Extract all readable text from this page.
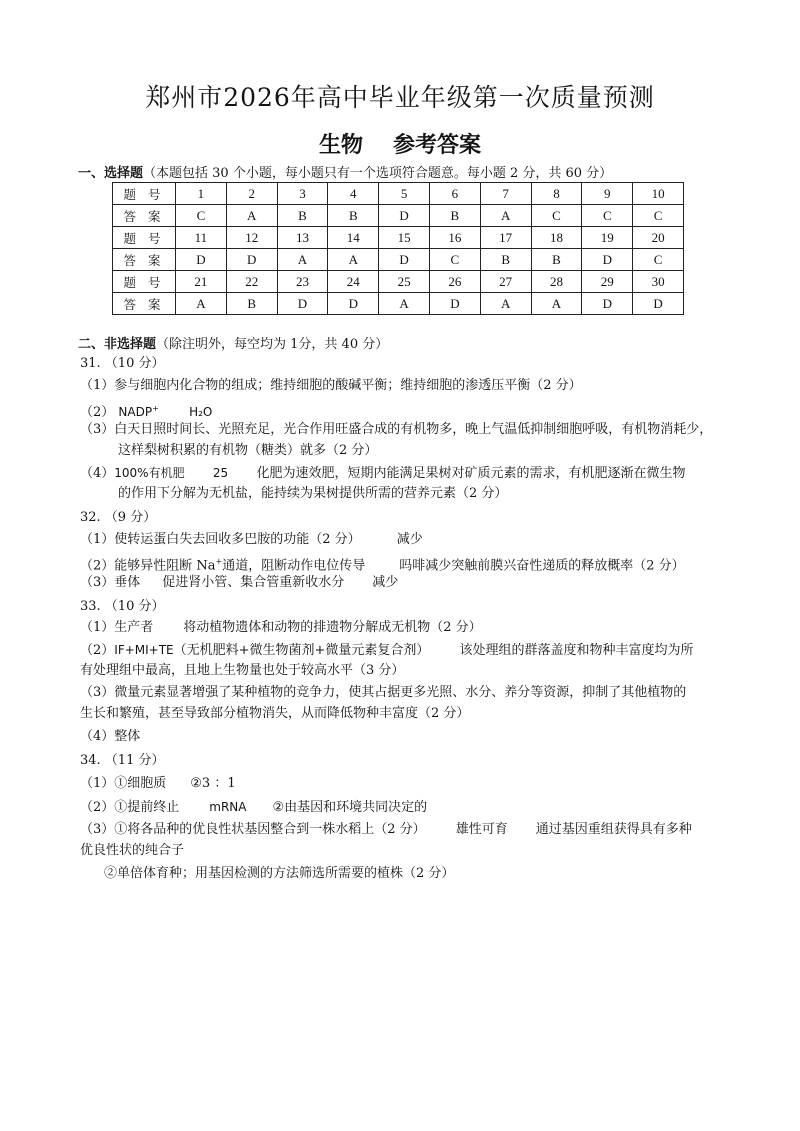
郑州市2026年高中毕业年级第一次质量预测
生物 参考答案
一、选择题（本题包括 30 个小题，每小题只有一个选项符合题意。每小题 2 分，共 60 分）
题 号	1	2	3	4	5	6	7	8	9	10
答 案	C	A	B	B	D	B	A	C	C	C
题 号	11	12	13	14	15	16	17	18	19	20
答 案	D	D	A	A	D	C	B	B	D	C
题 号	21	22	23	24	25	26	27	28	29	30
答 案	A	B	D	D	A	D	A	A	D	D
二、非选择题（除注明外，每空均为 1分，共 40 分）
31. （10 分）
（1）参与细胞内化合物的组成；维持细胞的酸碱平衡；维持细胞的渗透压平衡（2 分）
（2） NADP+	H₂O
（3）白天日照时间长、光照充足，光合作用旺盛合成的有机物多，晚上气温低抑制细胞呼吸，有机物消耗少，
这样梨树积累的有机物（糖类）就多（2 分）
（4）100%有机肥 25 化肥为速效肥，短期内能满足果树对矿质元素的需求，有机肥逐渐在微生物
的作用下分解为无机盐，能持续为果树提供所需的营养元素（2 分）
32. （9 分）
（1）使转运蛋白失去回收多巴胺的功能（2 分）	减少
（2）能够异性阻断 Na+通道，阻断动作电位传导	吗啡减少突触前膜兴奋性递质的释放概率（2 分）
（3）垂体 促进肾小管、集合管重新收水分 减少
33. （10 分）
（1）生产者 将动植物遗体和动物的排遗物分解成无机物（2 分）
（2）IF+MI+TE（无机肥料+微生物菌剂+微量元素复合剂） 该处理组的群落盖度和物种丰富度均为所
有处理组中最高，且地上生物量也处于较高水平（3 分）
（3）微量元素显著增强了某种植物的竞争力，使其占据更多光照、水分、养分等资源，抑制了其他植物的
生长和繁殖，甚至导致部分植物消失，从而降低物种丰富度（2 分）
（4）整体
34. （11 分）
（1）①细胞质 ②3 ：1
（2）①提前终止	mRNA ②由基因和环境共同决定的
（3）①将各品种的优良性状基因整合到一株水稻上（2 分） 雄性可育 通过基因重组获得具有多种
优良性状的纯合子
②单倍体育种；用基因检测的方法筛选所需要的植株（2 分）
